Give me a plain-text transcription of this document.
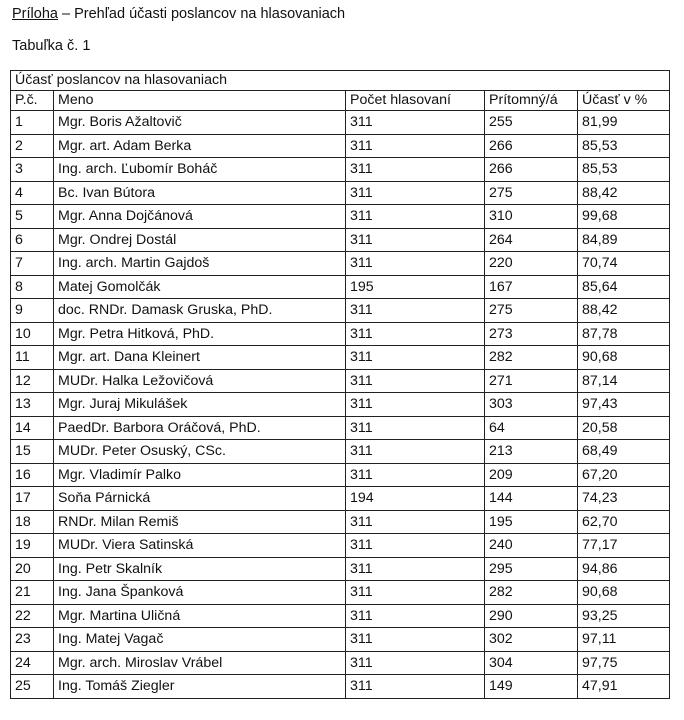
Príloha – Prehľad účasti poslancov na hlasovaniach
Tabuľka č. 1
Účasť poslancov na hlasovaniach				
P.č.	Meno	Počet hlasovaní	Prítomný/á	Účasť v %
1	Mgr. Boris Ažaltovič	311	255	81,99
2	Mgr. art. Adam Berka	311	266	85,53
3	Ing. arch. Ľubomír Boháč	311	266	85,53
4	Bc. Ivan Bútora	311	275	88,42
5	Mgr. Anna Dojčánová	311	310	99,68
6	Mgr. Ondrej Dostál	311	264	84,89
7	Ing. arch. Martin Gajdoš	311	220	70,74
8	Matej Gomolčák	195	167	85,64
9	doc. RNDr. Damask Gruska, PhD.	311	275	88,42
10	Mgr. Petra Hitková, PhD.	311	273	87,78
11	Mgr. art. Dana Kleinert	311	282	90,68
12	MUDr. Halka Ležovičová	311	271	87,14
13	Mgr. Juraj Mikulášek	311	303	97,43
14	PaedDr. Barbora Oráčová, PhD.	311	64	20,58
15	MUDr. Peter Osuský, CSc.	311	213	68,49
16	Mgr. Vladimír Palko	311	209	67,20
17	Soňa Párnická	194	144	74,23
18	RNDr. Milan Remiš	311	195	62,70
19	MUDr. Viera Satinská	311	240	77,17
20	Ing. Petr Skalník	311	295	94,86
21	Ing. Jana Španková	311	282	90,68
22	Mgr. Martina Uličná	311	290	93,25
23	Ing. Matej Vagač	311	302	97,11
24	Mgr. arch. Miroslav Vrábel	311	304	97,75
25	Ing. Tomáš Ziegler	311	149	47,91
